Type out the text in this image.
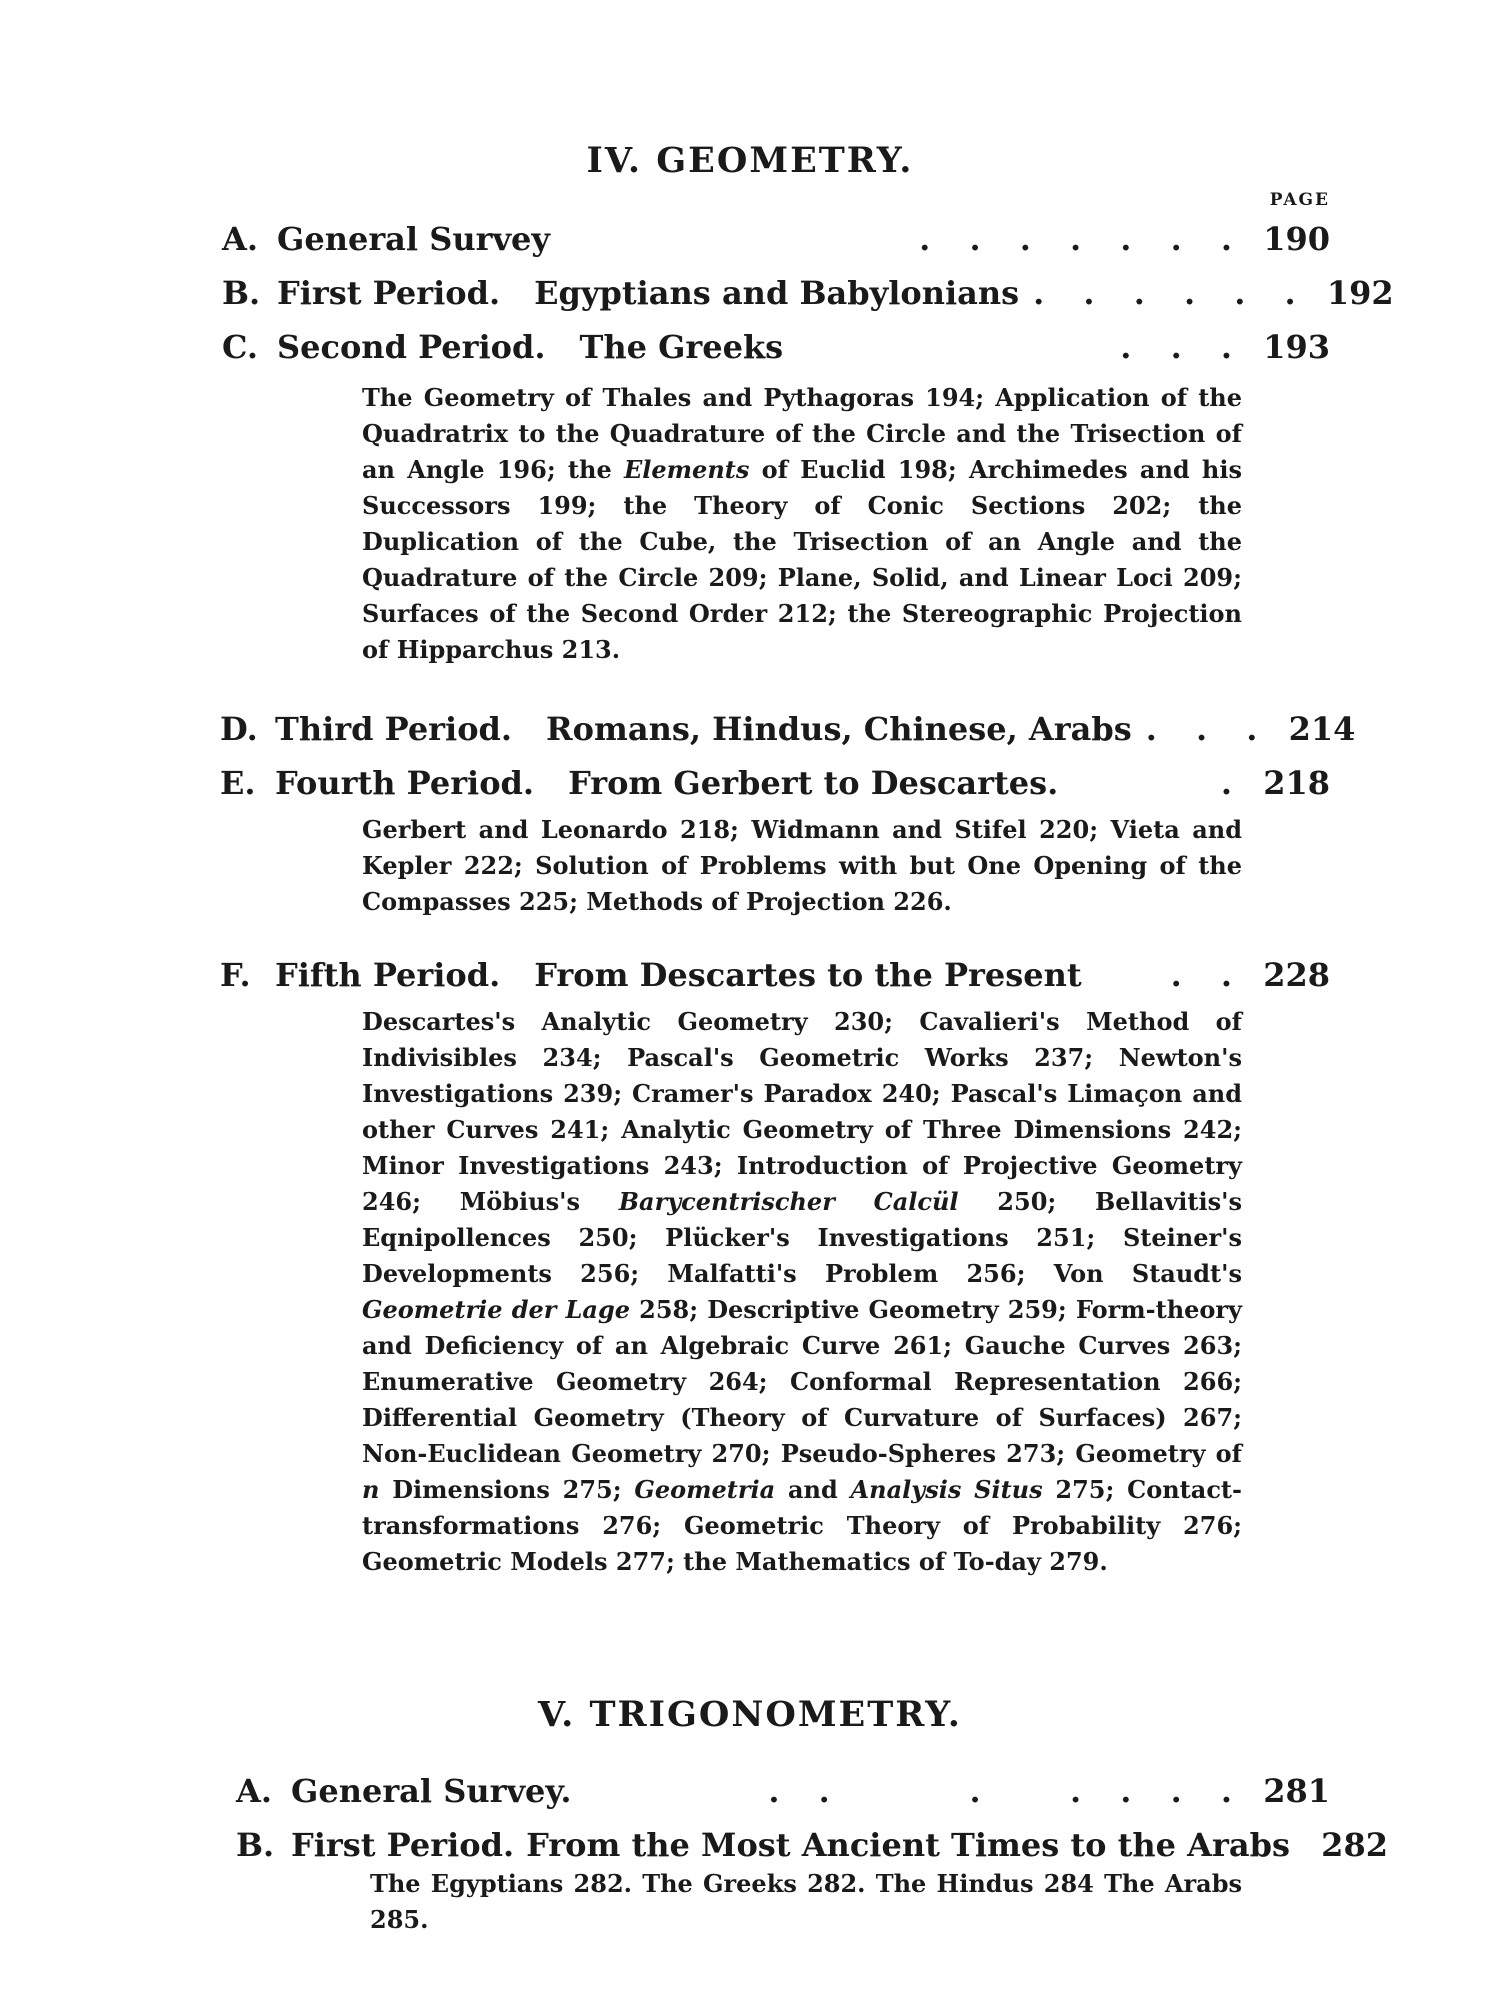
IV. GEOMETRY.
PAGE
A. General Survey	. . . . . . . 190
B. First Period. Egyptians and Babylonians . . . . . . 192
C. Second Period. The Greeks	. . . 193
The Geometry of Thales and Pythagoras 194; Application of the Quadratrix to the Quadrature of the Circle and the Trisection of an Angle 196; the Elements of Euclid 198; Archimedes and his Successors 199; the Theory of Conic Sections 202; the Duplication of the Cube, the Trisection of an Angle and the Quadrature of the Circle 209; Plane, Solid, and Linear Loci 209; Surfaces of the Second Order 212; the Stereographic Projection of Hipparchus 213.
D. Third Period. Romans, Hindus, Chinese, Arabs . . . 214
E. Fourth Period. From Gerbert to Descartes.	. 218
Gerbert and Leonardo 218; Widmann and Stifel 220; Vieta and Kepler 222; Solution of Problems with but One Opening of the Compasses 225; Methods of Projection 226.
F. Fifth Period. From Descartes to the Present	. . 228
Descartes's Analytic Geometry 230; Cavalieri's Method of Indivisibles 234; Pascal's Geometric Works 237; Newton's Investigations 239; Cramer's Paradox 240; Pascal's Limaçon and other Curves 241; Analytic Geometry of Three Dimensions 242; Minor Investigations 243; Introduction of Projective Geometry 246; Möbius's Barycentrischer Calcül 250; Bellavitis's Eqnipollences 250; Plücker's Investigations 251; Steiner's Developments 256; Malfatti's Problem 256; Von Staudt's Geometrie der Lage 258; Descriptive Geometry 259; Form-theory and Deficiency of an Algebraic Curve 261; Gauche Curves 263; Enumerative Geometry 264; Conformal Representation 266; Differential Geometry (Theory of Curvature of Surfaces) 267; Non-Euclidean Geometry 270; Pseudo-Spheres 273; Geometry of n Dimensions 275; Geometria and Analysis Situs 275; Contact-transformations 276; Geometric Theory of Probability 276; Geometric Models 277; the Mathematics of To-day 279.
V. TRIGONOMETRY.
A. General Survey.	. .     .   . . . . 281
B. First Period. From the Most Ancient Times to the Arabs 282
The Egyptians 282. The Greeks 282. The Hindus 284 The Arabs 285.
